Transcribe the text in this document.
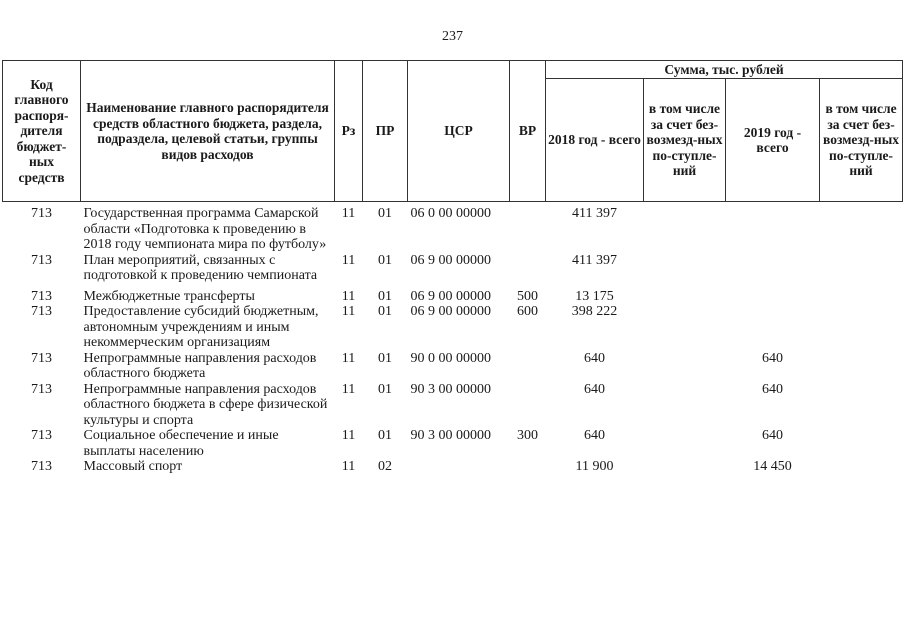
237
Код главного распоря-дителя бюджет-ных средств	Наименование главного распорядителя средств областного бюджета, раздела, подраздела, целевой статьи, группы видов расходов	Рз	ПР	ЦСР	ВР	Сумма, тыс. рублей			
						2018 год - всего	в том числе за счет без-возмезд-ных по-ступле-ний	2019 год - всего	в том числе за счет без-возмезд-ных по-ступле-ний
713	Государственная программа Самарской области «Подготовка к проведению в 2018 году чемпионата мира по футболу»	11	01	06 0 00 00000		411 397			
713	План мероприятий, связанных с подготовкой к проведению чемпионата	11	01	06 9 00 00000		411 397			
713	Межбюджетные трансферты	11	01	06 9 00 00000	500	13 175			
713	Предоставление субсидий бюджетным, автономным учреждениям и иным некоммерческим организациям	11	01	06 9 00 00000	600	398 222			
713	Непрограммные направления расходов областного бюджета	11	01	90 0 00 00000		640		640	
713	Непрограммные направления расходов областного бюджета в сфере физической культуры и спорта	11	01	90 3 00 00000		640		640	
713	Социальное обеспечение и иные выплаты населению	11	01	90 3 00 00000	300	640		640	
713	Массовый спорт	11	02			11 900		14 450	
